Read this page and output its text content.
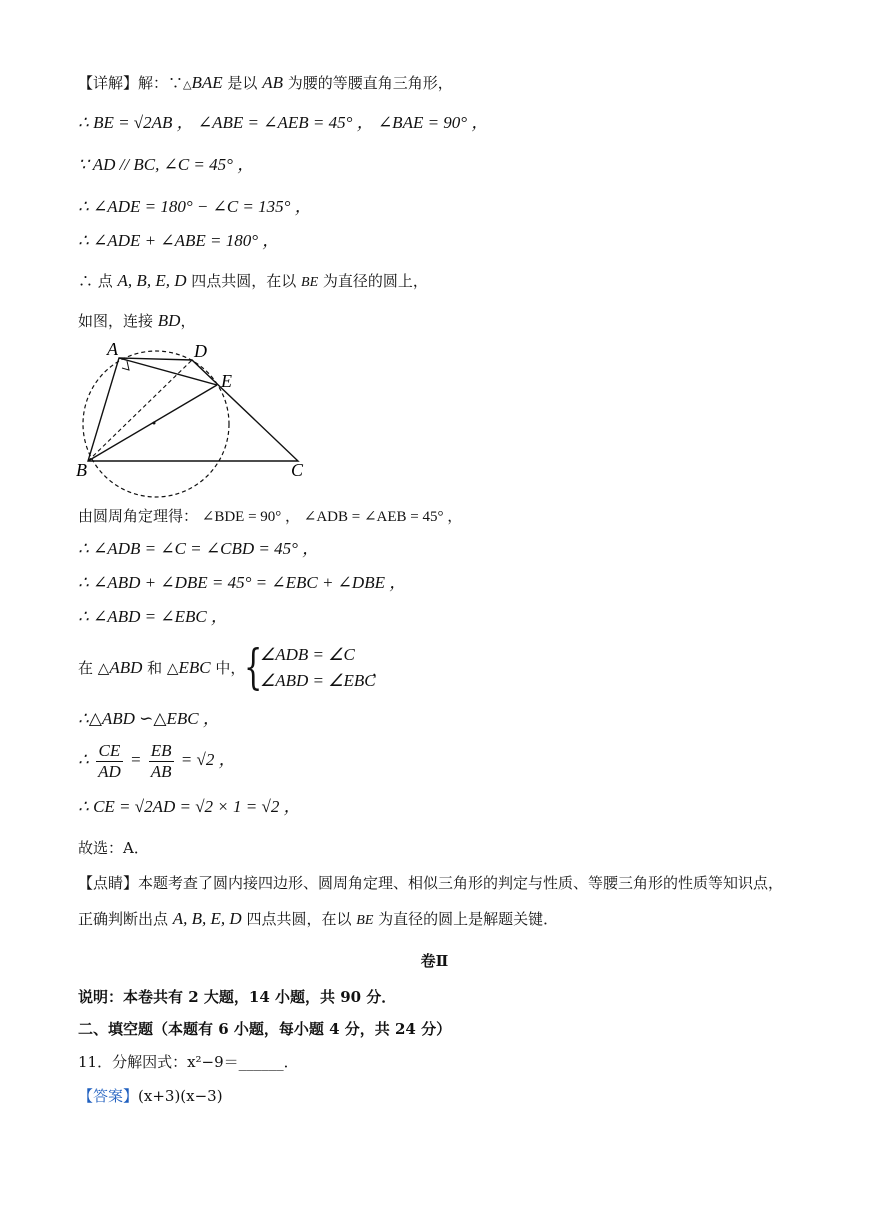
【详解】解：∵△BAE 是以 AB 为腰的等腰直角三角形，
∴ BE = √2AB ， ∠ABE = ∠AEB = 45° ， ∠BAE = 90° ，
∵ AD // BC, ∠C = 45° ，
∴ ∠ADE = 180° − ∠C = 135° ，
∴ ∠ADE + ∠ABE = 180° ，
∴ 点 A, B, E, D 四点共圆，在以 BE 为直径的圆上，
如图，连接 BD，
A	D
E
B	C
由圆周角定理得： ∠BDE = 90° ， ∠ADB = ∠AEB = 45° ，
∴ ∠ADB = ∠C = ∠CBD = 45° ，
∴ ∠ABD + ∠DBE = 45° = ∠EBC + ∠DBE ，
∴ ∠ABD = ∠EBC ，
在 △ABD 和 △EBC 中，
{
∠ADB = ∠C
∠ABD = ∠EBC
，
∴△ABD ∽△EBC ，
∴ $\frac{CE}{AD} = \frac{EB}{AB} = √2$ ，
∴ CE = √2AD = √2 × 1 = √2 ，
故选：A．
【点睛】本题考查了圆内接四边形、圆周角定理、相似三角形的判定与性质、等腰三角形的性质等知识点，
正确判断出点 A, B, E, D 四点共圆，在以 BE 为直径的圆上是解题关键．
卷Ⅱ
说明：本卷共有 2 大题，14 小题，共 90 分．
二、填空题（本题有 6 小题，每小题 4 分，共 24 分）
11．分解因式：x²−9＝______．
【答案】(x+3)(x−3)
